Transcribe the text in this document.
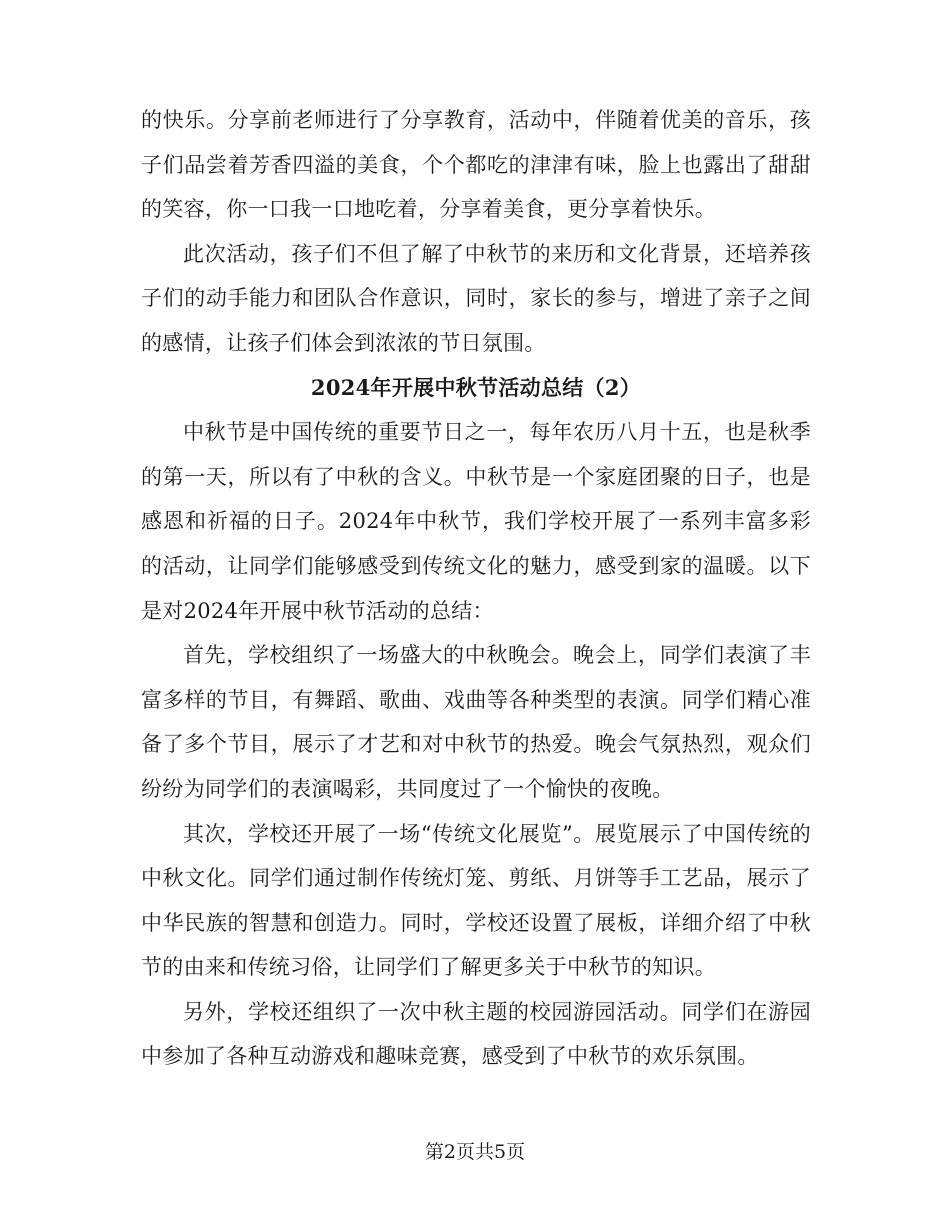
的快乐。分享前老师进行了分享教育，活动中，伴随着优美的音乐，孩子们品尝着芳香四溢的美食，个个都吃的津津有味，脸上也露出了甜甜的笑容，你一口我一口地吃着，分享着美食，更分享着快乐。

此次活动，孩子们不但了解了中秋节的来历和文化背景，还培养孩子们的动手能力和团队合作意识，同时，家长的参与，增进了亲子之间的感情，让孩子们体会到浓浓的节日氛围。

2024年开展中秋节活动总结（2）

中秋节是中国传统的重要节日之一，每年农历八月十五，也是秋季的第一天，所以有了中秋的含义。中秋节是一个家庭团聚的日子，也是感恩和祈福的日子。2024年中秋节，我们学校开展了一系列丰富多彩的活动，让同学们能够感受到传统文化的魅力，感受到家的温暖。以下是对2024年开展中秋节活动的总结：

首先，学校组织了一场盛大的中秋晚会。晚会上，同学们表演了丰富多样的节目，有舞蹈、歌曲、戏曲等各种类型的表演。同学们精心准备了多个节目，展示了才艺和对中秋节的热爱。晚会气氛热烈，观众们纷纷为同学们的表演喝彩，共同度过了一个愉快的夜晚。

其次，学校还开展了一场“传统文化展览”。展览展示了中国传统的中秋文化。同学们通过制作传统灯笼、剪纸、月饼等手工艺品，展示了中华民族的智慧和创造力。同时，学校还设置了展板，详细介绍了中秋节的由来和传统习俗，让同学们了解更多关于中秋节的知识。

另外，学校还组织了一次中秋主题的校园游园活动。同学们在游园中参加了各种互动游戏和趣味竞赛，感受到了中秋节的欢乐氛围。

第2页共5页
